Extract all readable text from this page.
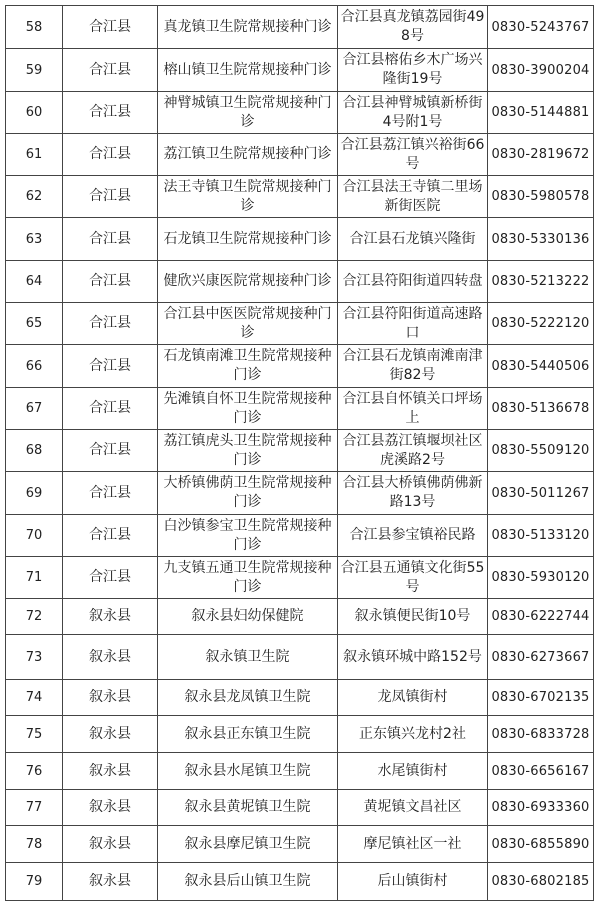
58	合江县	真龙镇卫生院常规接种门诊	合江县真龙镇荔园街498号	0830-5243767
59	合江县	榕山镇卫生院常规接种门诊	合江县榕佑乡木广场兴隆街19号	0830-3900204
60	合江县	神臂城镇卫生院常规接种门诊	合江县神臂城镇新桥街4号附1号	0830-5144881
61	合江县	荔江镇卫生院常规接种门诊	合江县荔江镇兴裕街66号	0830-2819672
62	合江县	法王寺镇卫生院常规接种门诊	合江县法王寺镇二里场新街医院	0830-5980578
63	合江县	石龙镇卫生院常规接种门诊	合江县石龙镇兴隆街	0830-5330136
64	合江县	健欣兴康医院常规接种门诊	合江县符阳街道四转盘	0830-5213222
65	合江县	合江县中医医院常规接种门诊	合江县符阳街道高速路口	0830-5222120
66	合江县	石龙镇南滩卫生院常规接种门诊	合江县石龙镇南滩南津街82号	0830-5440506
67	合江县	先滩镇自怀卫生院常规接种门诊	合江县自怀镇关口坪场上	0830-5136678
68	合江县	荔江镇虎头卫生院常规接种门诊	合江县荔江镇堰坝社区虎溪路2号	0830-5509120
69	合江县	大桥镇佛荫卫生院常规接种门诊	合江县大桥镇佛荫佛新路13号	0830-5011267
70	合江县	白沙镇参宝卫生院常规接种门诊	合江县参宝镇裕民路	0830-5133120
71	合江县	九支镇五通卫生院常规接种门诊	合江县五通镇文化街55号	0830-5930120
72	叙永县	叙永县妇幼保健院	叙永镇便民街10号	0830-6222744
73	叙永县	叙永镇卫生院	叙永镇环城中路152号	0830-6273667
74	叙永县	叙永县龙凤镇卫生院	龙凤镇街村	0830-6702135
75	叙永县	叙永县正东镇卫生院	正东镇兴龙村2社	0830-6833728
76	叙永县	叙永县水尾镇卫生院	水尾镇街村	0830-6656167
77	叙永县	叙永县黄坭镇卫生院	黄坭镇文昌社区	0830-6933360
78	叙永县	叙永县摩尼镇卫生院	摩尼镇社区一社	0830-6855890
79	叙永县	叙永县后山镇卫生院	后山镇街村	0830-6802185
